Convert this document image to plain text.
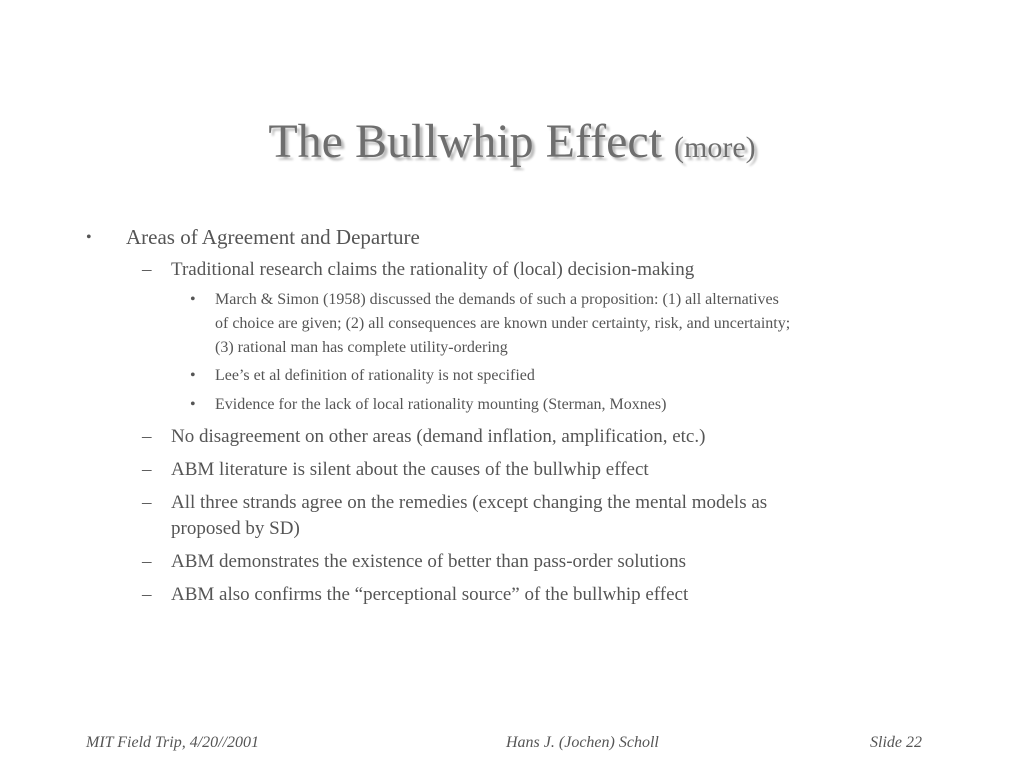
The Bullwhip Effect (more)
• Areas of Agreement and Departure
– Traditional research claims the rationality of (local) decision-making
• March & Simon (1958) discussed the demands of such a proposition: (1) all alternatives
of choice are given; (2) all consequences are known under certainty, risk, and uncertainty;
(3) rational man has complete utility-ordering
• Lee’s et al definition of rationality is not specified
• Evidence for the lack of local rationality mounting (Sterman, Moxnes)
– No disagreement on other areas (demand inflation, amplification, etc.)
– ABM literature is silent about the causes of the bullwhip effect
– All three strands agree on the remedies (except changing the mental models as
proposed by SD)
– ABM demonstrates the existence of better than pass-order solutions
– ABM also confirms the “perceptional source” of the bullwhip effect
MIT Field Trip, 4/20//2001	Hans J. (Jochen) Scholl	Slide 22
